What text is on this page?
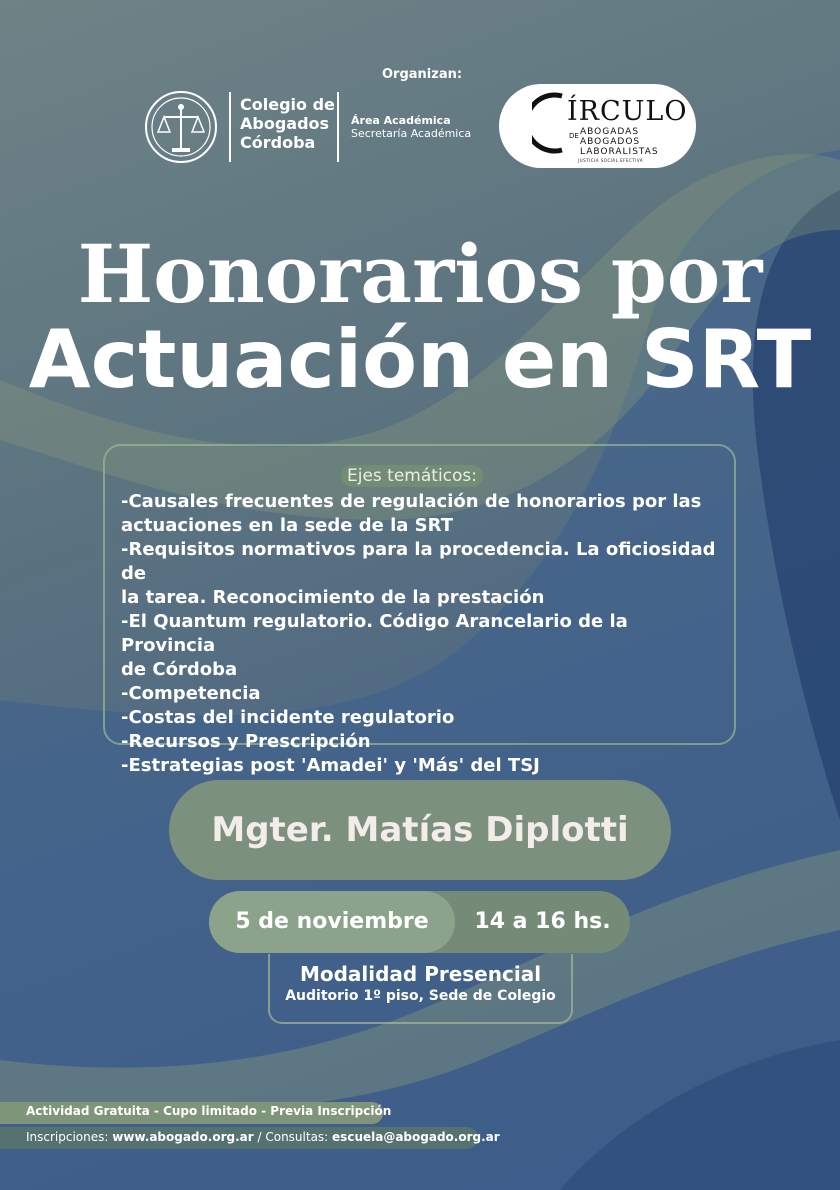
Organizan:
Colegio de
Abogados
Córdoba
Área Académica
Secretaría Académica
ÍRCULO
DE ABOGADAS
ABOGADOS
LABORALISTAS
JUSTICIA SOCIAL EFECTIVA
Honorarios por
Actuación en SRT
Ejes temáticos:
-Causales frecuentes de regulación de honorarios por las
actuaciones en la sede de la SRT
-Requisitos normativos para la procedencia. La oficiosidad de
la tarea. Reconocimiento de la prestación
-El Quantum regulatorio. Código Arancelario de la Provincia
de Córdoba
-Competencia
-Costas del incidente regulatorio
-Recursos y Prescripción
-Estrategias post 'Amadei' y 'Más' del TSJ
Mgter. Matías Diplotti
5 de noviembre	14 a 16 hs.
Modalidad Presencial
Auditorio 1º piso, Sede de Colegio
Actividad Gratuita - Cupo limitado - Previa Inscripción
Inscripciones: www.abogado.org.ar / Consultas: escuela@abogado.org.ar
